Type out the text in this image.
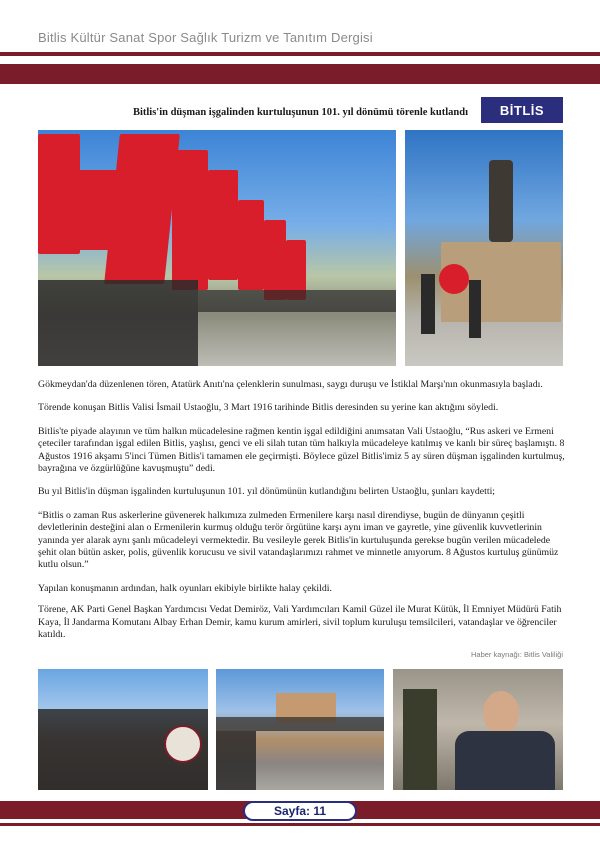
Bitlis Kültür Sanat Spor Sağlık Turizm ve Tanıtım Dergisi
Bitlis'in düşman işgalinden kurtuluşunun 101. yıl dönümü törenle kutlandı	BİTLİS

Gökmeydan'da düzenlenen tören, Atatürk Anıtı'na çelenklerin sunulması, saygı duruşu ve İstiklal Marşı'nın okunmasıyla başladı.

Törende konuşan Bitlis Valisi İsmail Ustaoğlu, 3 Mart 1916 tarihinde Bitlis deresinden su yerine kan aktığını söyledi.

Bitlis'te piyade alayının ve tüm halkın mücadelesine rağmen kentin işgal edildiğini anımsatan Vali Ustaoğlu, “Rus askeri ve Ermeni çeteciler tarafından işgal edilen Bitlis, yaşlısı, genci ve eli silah tutan tüm halkıyla mücadeleye katılmış ve kanlı bir süreç başlamıştı. 8 Ağustos 1916 akşamı 5'inci Tümen Bitlis'i tamamen ele geçirmişti. Böylece güzel Bitlis'imiz 5 ay süren düşman işgalinden kurtulmuş, bayrağına ve özgürlüğüne kavuşmuştu” dedi.

Bu yıl Bitlis'in düşman işgalinden kurtuluşunun 101. yıl dönümünün kutlandığını belirten Ustaoğlu, şunları kaydetti;

“Bitlis o zaman Rus askerlerine güvenerek halkımıza zulmeden Ermenilere karşı nasıl direndiyse, bugün de dünyanın çeşitli devletlerinin desteğini alan o Ermenilerin kurmuş olduğu terör örgütüne karşı aynı iman ve gayretle, yine güvenlik kuvvetlerinin yanında yer alarak aynı şanlı mücadeleyi vermektedir. Bu vesileyle gerek Bitlis'in kurtuluşunda gerekse bugün verilen mücadelede şehit olan bütün asker, polis, güvenlik korucusu ve sivil vatandaşlarımızı rahmet ve minnetle anıyorum. 8 Ağustos kurtuluş günümüz kutlu olsun.”

Yapılan konuşmanın ardından, halk oyunları ekibiyle birlikte halay çekildi.

Törene, AK Parti Genel Başkan Yardımcısı Vedat Demiröz, Vali Yardımcıları Kamil Güzel ile Murat Kütük, İl Emniyet Müdürü Fatih Kaya, İl Jandarma Komutanı Albay Erhan Demir, kamu kurum amirleri, sivil toplum kuruluşu temsilcileri, vatandaşlar ve öğrenciler katıldı.

Haber kaynağı: Bitlis Valiliği
Sayfa: 11
